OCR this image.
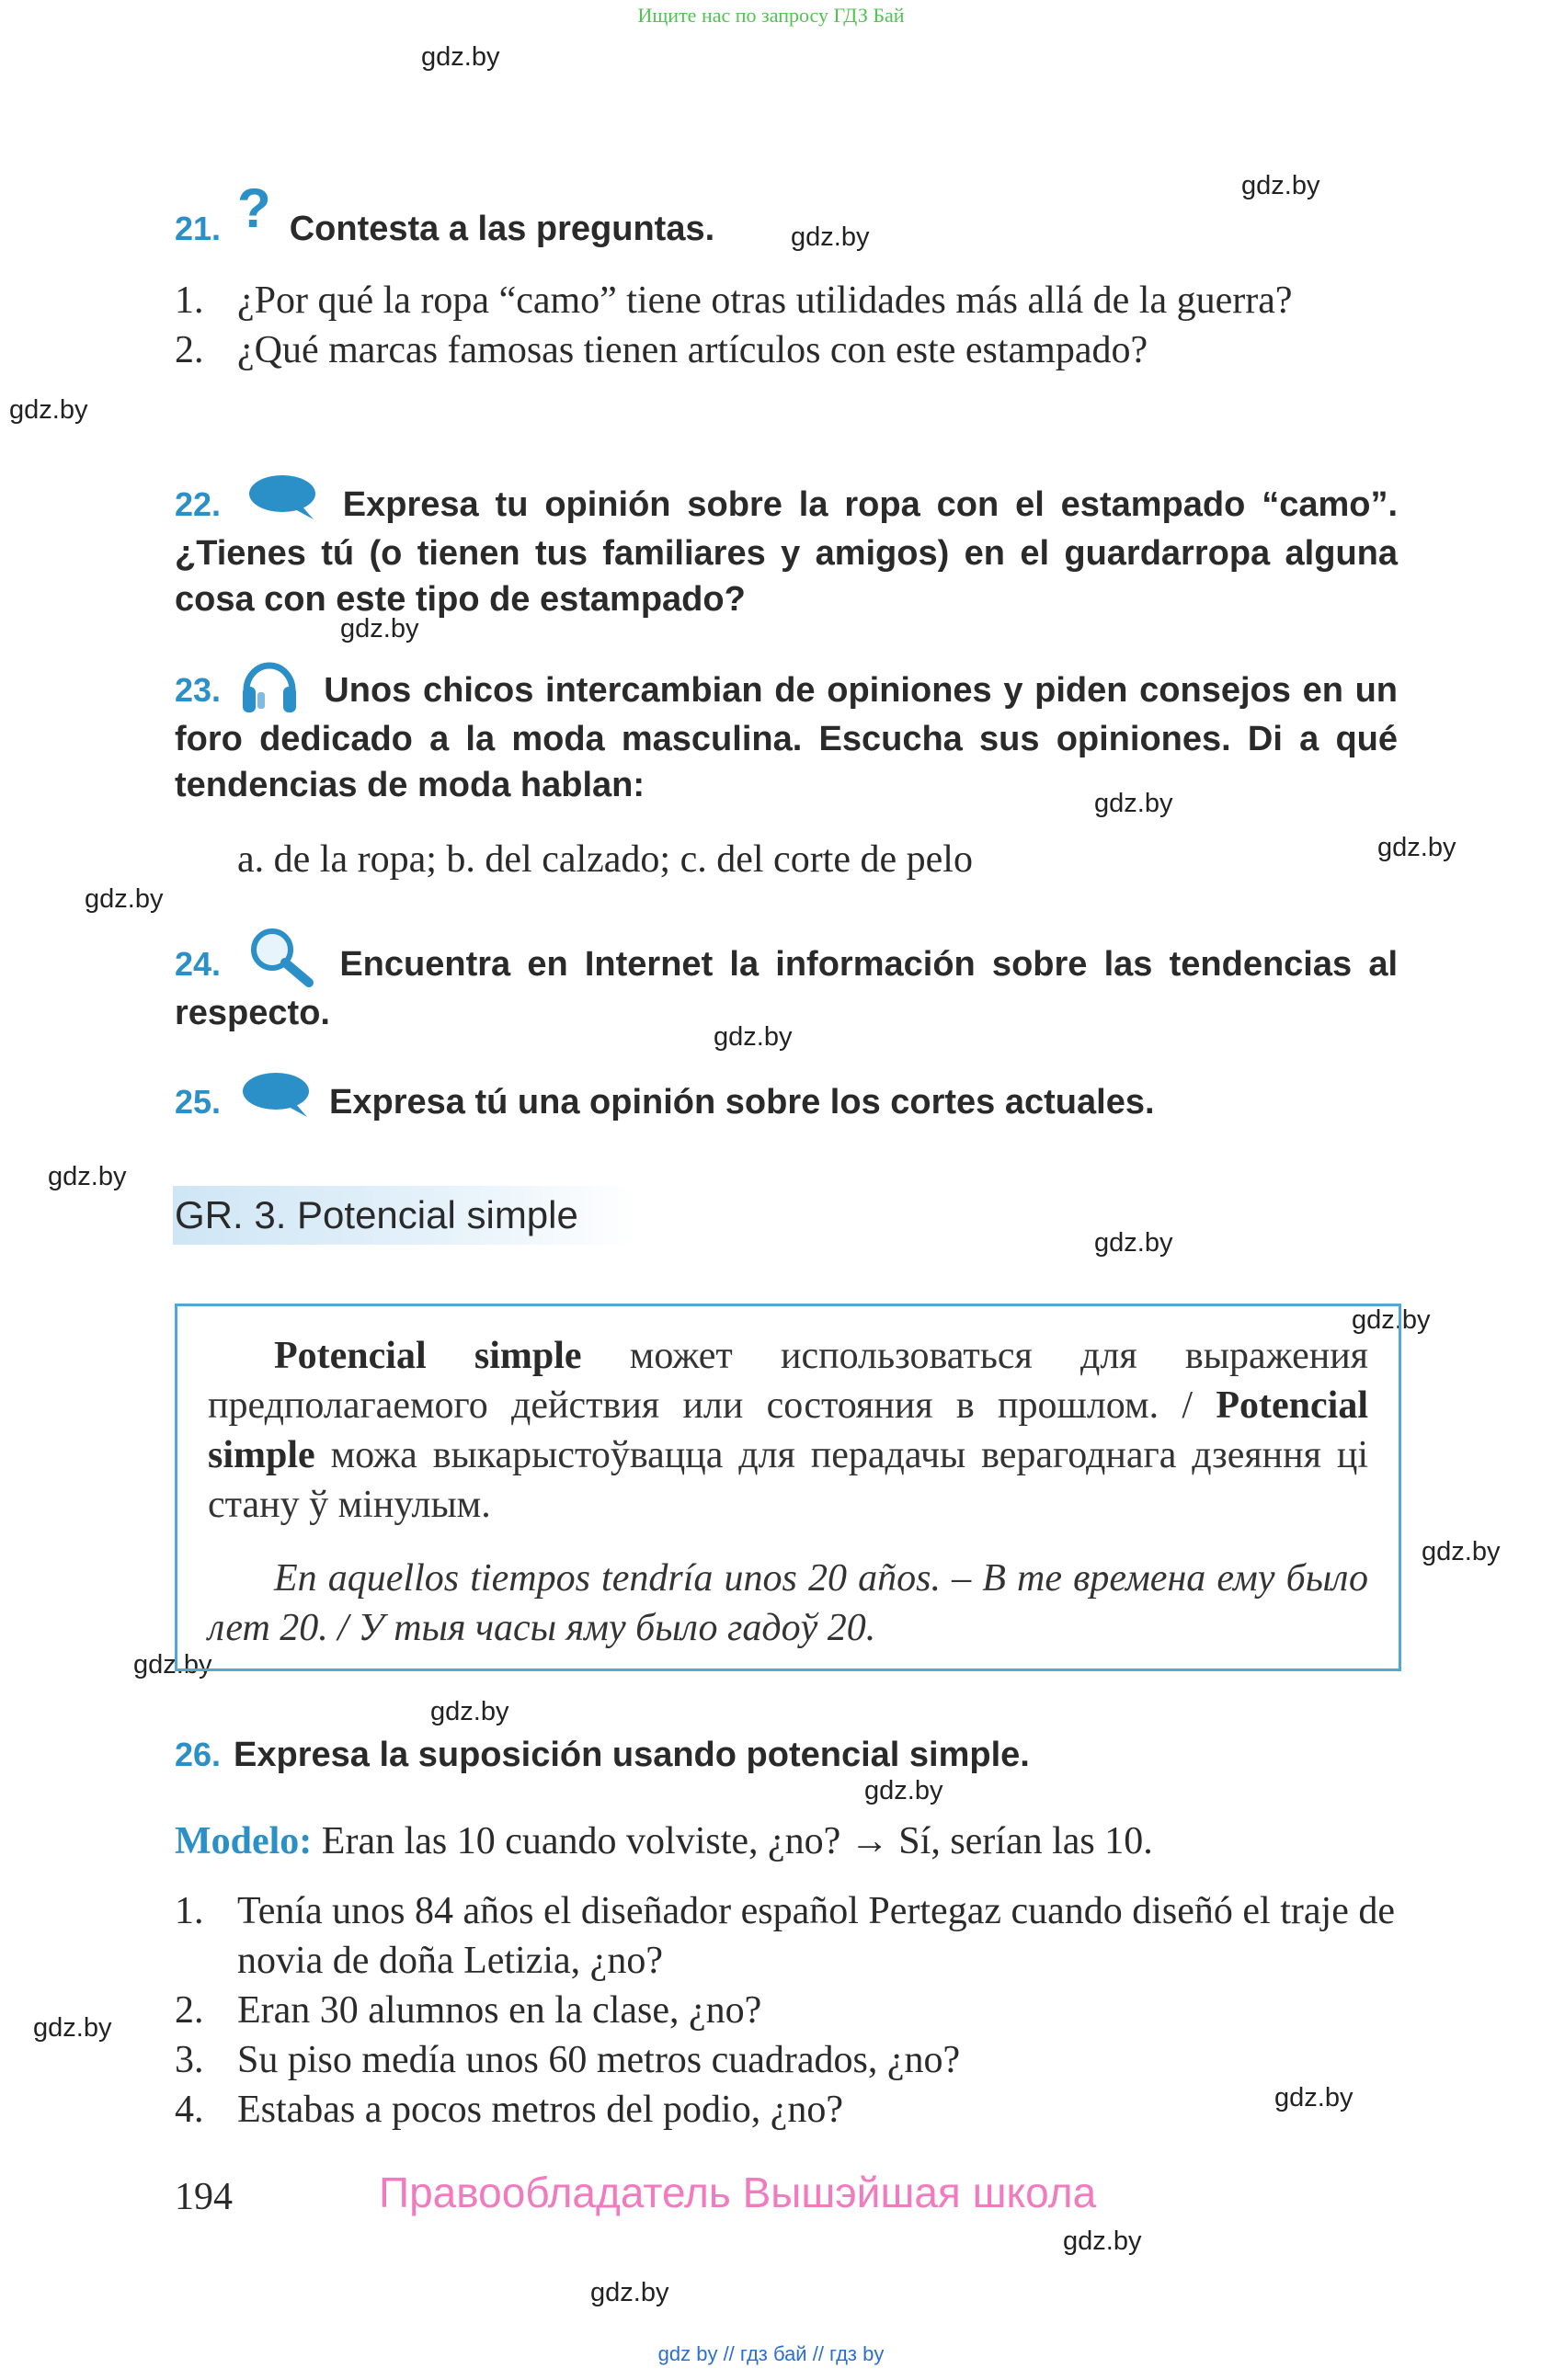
Ищите нас по запросу ГДЗ Бай
gdz.by
gdz.by
gdz.by
gdz.by
gdz.by
gdz.by
gdz.by
gdz.by
gdz.by
gdz.by
gdz.by
gdz.by
gdz.by
gdz.by
gdz.by
gdz.by
gdz.by
gdz.by
gdz.by
gdz.by
21. ? Contesta a las preguntas.
1. ¿Por qué la ropa “camo” tiene otras utilidades más allá de la guerra?
2. ¿Qué marcas famosas tienen artículos con este estampado?
22.	Expresa tu opinión sobre la ropa con el estampado “camo”. ¿Tienes tú (o tienen tus familiares y amigos) en el guardarropa alguna cosa con este tipo de estampado?
23.	Unos chicos intercambian de opiniones y piden consejos en un foro dedicado a la moda masculina. Escucha sus opiniones. Di a qué tendencias de moda hablan:
a. de la ropa; b. del calzado; c. del corte de pelo
24.	Encuentra en Internet la información sobre las tendencias al respecto.
25.	Expresa tú una opinión sobre los cortes actuales.
GR. 3. Potencial simple
Potencial simple может использоваться для выражения предполагаемого действия или состояния в прошлом. / Potencial simple можа выкарыстоўвацца для перадачы верагоднага дзеяння ці стану ў мінулым.
En aquellos tiempos tendría unos 20 años. – В те времена ему было лет 20. / У тыя часы яму было гадоў 20.
26. Expresa la suposición usando potencial simple.
Modelo: Eran las 10 cuando volviste, ¿no? → Sí, serían las 10.
1. Tenía unos 84 años el diseñador español Pertegaz cuando diseñó el traje de novia de doña Letizia, ¿no?
2. Eran 30 alumnos en la clase, ¿no?
3. Su piso medía unos 60 metros cuadrados, ¿no?
4. Estabas a pocos metros del podio, ¿no?
194	Правообладатель Вышэйшая школа
gdz by // гдз бай // гдз by
